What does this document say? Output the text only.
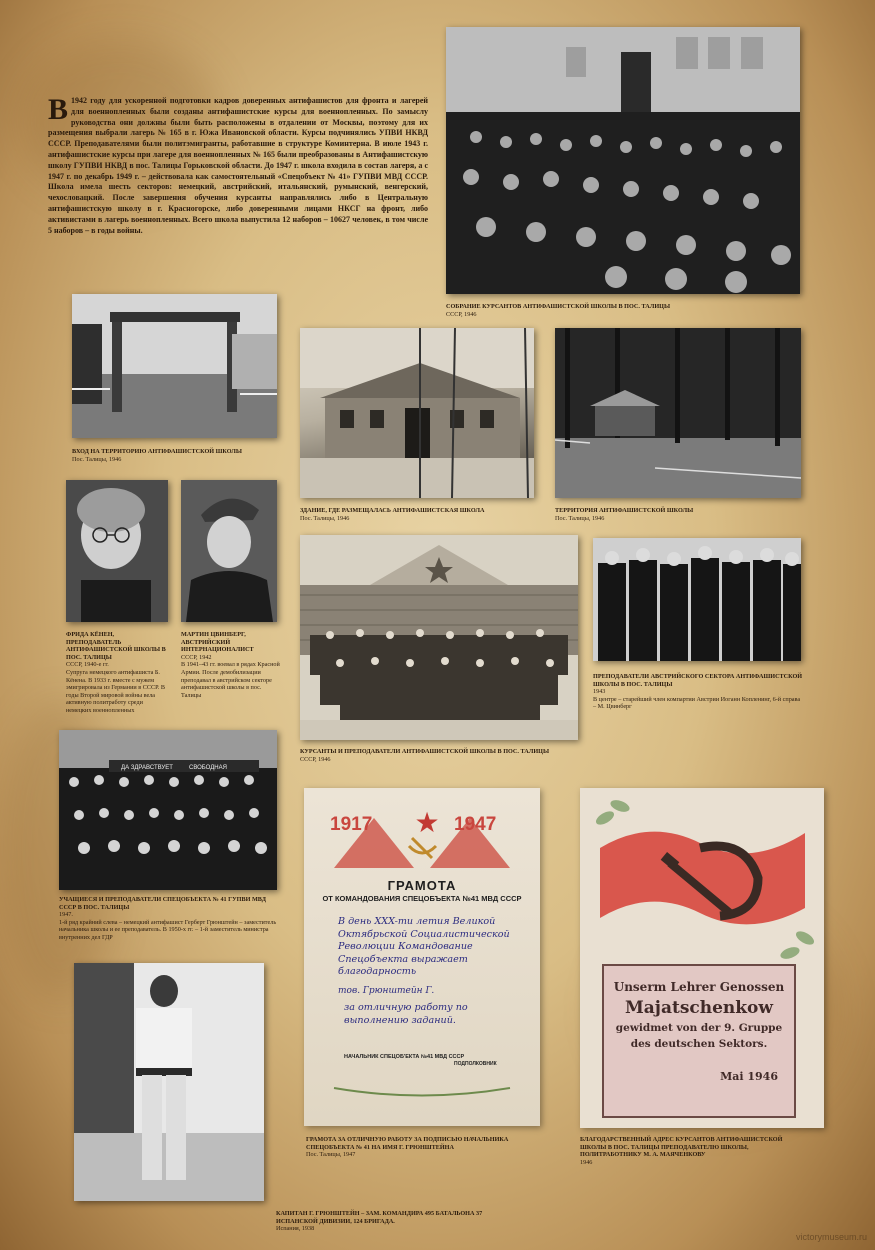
В 1942 году для ускоренной подготовки кадров доверенных антифашистов для фронта и лагерей для военнопленных были созданы антифашистские курсы для военнопленных. По замыслу руководства они должны были быть расположены в отдалении от Москвы, поэтому для их размещения выбрали лагерь № 165 в г. Южа Ивановской области. Курсы подчинялись УПВИ НКВД СССР. Преподавателями были политэмигранты, работавшие в структуре Коминтерна. В июле 1943 г. антифашистские курсы при лагере для военнопленных № 165 были преобразованы в Антифашистскую школу ГУПВИ НКВД в пос. Талицы Горьковской области. До 1947 г. школа входила в состав лагеря, а с 1947 г. по декабрь 1949 г. – действовала как самостоятельный «Спецобъект № 41» ГУПВИ МВД СССР. Школа имела шесть секторов: немецкий, австрийский, итальянский, румынский, венгерский, чехословацкий. После завершения обучения курсанты направлялись либо в Центральную антифашистскую школу в г. Красногорске, либо доверенными лицами НКСГ на фронт, либо активистами в лагерь военнопленных. Всего школа выпустила 12 наборов – 10627 человек, в том числе 5 наборов – в годы войны.
СОБРАНИЕ КУРСАНТОВ АНТИФАШИСТСКОЙ ШКОЛЫ В ПОС. ТАЛИЦЫ
СССР, 1946
ВХОД НА ТЕРРИТОРИЮ АНТИФАШИСТСКОЙ ШКОЛЫ
Пос. Талицы, 1946
ЗДАНИЕ, ГДЕ РАЗМЕЩАЛАСЬ АНТИФАШИСТСКАЯ ШКОЛА
Пос. Талицы, 1946
ТЕРРИТОРИЯ АНТИФАШИСТСКОЙ ШКОЛЫ
Пос. Талицы, 1946
ФРИДА КЁНЕН, ПРЕПОДАВАТЕЛЬ АНТИФАШИСТСКОЙ ШКОЛЫ В ПОС. ТАЛИЦЫ
СССР, 1940-е гг.
Супруга немецкого антифашиста Б. Кёнена. В 1933 г. вместе с мужем эмигрировала из Германии в СССР. В годы Второй мировой войны вела активную политработу среди немецких военнопленных
МАРТИН ЦВИНБЕРГ, АВСТРИЙСКИЙ ИНТЕРНАЦИОНАЛИСТ
СССР, 1942
В 1941–43 гг. воевал в рядах Красной Армии. После демобилизации преподавал в австрийском секторе антифашистской школы в пос. Талицы
КУРСАНТЫ И ПРЕПОДАВАТЕЛИ АНТИФАШИСТСКОЙ ШКОЛЫ В ПОС. ТАЛИЦЫ
СССР, 1946
ПРЕПОДАВАТЕЛИ АВСТРИЙСКОГО СЕКТОРА АНТИФАШИСТСКОЙ ШКОЛЫ В ПОС. ТАЛИЦЫ
1943
В центре – старейший член компартии Австрии Иоганн Копленинг, 6-й справа – М. Цвинберг
ДА ЗДРАВСТВУЕТ	СВОБОДНАЯ
УЧАЩИЕСЯ И ПРЕПОДАВАТЕЛИ СПЕЦОБЪЕКТА № 41 ГУПВИ МВД СССР В ПОС. ТАЛИЦЫ
1947.
1-й ряд крайний слева – немецкий антифашист Герберт Грюнштейн – заместитель начальника школы и ее преподаватель. В 1950-х гг. – 1-й заместитель министра внутренних дел ГДР
1917 ★ 1947
ГРАМОТА
ОТ КОМАНДОВАНИЯ СПЕЦОБЪЕКТА №41 МВД СССР
В день XXX-ти летия Великой Октябрьской Социалистической Революции Командование Спецобъекта выражает благодарность
тов. Грюнштейн Г.
за отличную работу по выполнению заданий.
НАЧАЛЬНИК СПЕЦОБ'ЕКТА №41 МВД СССР
ПОДПОЛКОВНИК
ГРАМОТА ЗА ОТЛИЧНУЮ РАБОТУ ЗА ПОДПИСЬЮ НАЧАЛЬНИКА СПЕЦОБЪЕКТА № 41 НА ИМЯ Г. ГРЮНШТЕЙНА
Пос. Талицы, 1947
Unserm Lehrer Genossen
Majatschenkow
gewidmet von der 9. Gruppe
des deutschen Sektors.
Mai 1946
БЛАГОДАРСТВЕННЫЙ АДРЕС КУРСАНТОВ АНТИФАШИСТСКОЙ ШКОЛЫ В ПОС. ТАЛИЦЫ ПРЕПОДАВАТЕЛЮ ШКОЛЫ, ПОЛИТРАБОТНИКУ М. А. МАЯЧЕНКОВУ
1946
КАПИТАН Г. ГРЮНШТЕЙН – ЗАМ. КОМАНДИРА 495 БАТАЛЬОНА 37 ИСПАНСКОЙ ДИВИЗИИ, 124 БРИГАДА.
Испания, 1938
victorymuseum.ru
